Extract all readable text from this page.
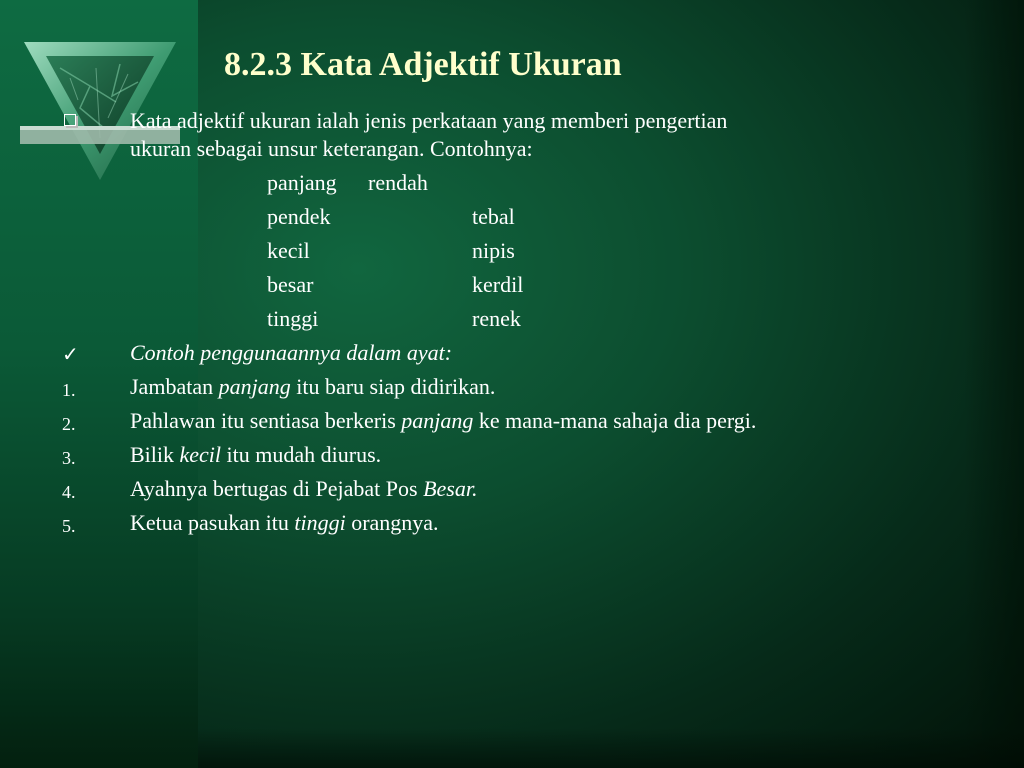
8.2.3 Kata Adjektif Ukuran
Kata adjektif ukuran ialah jenis perkataan yang memberi pengertian
ukuran sebagai unsur keterangan. Contohnya:
panjang rendah
pendek	tebal
kecil	nipis
besar	kerdil
tinggi	renek
✓ Contoh penggunaannya dalam ayat:
1. Jambatan panjang itu baru siap didirikan.
2. Pahlawan itu sentiasa berkeris panjang ke mana-mana sahaja dia pergi.
3. Bilik kecil itu mudah diurus.
4. Ayahnya bertugas di Pejabat Pos Besar.
5. Ketua pasukan itu tinggi orangnya.
